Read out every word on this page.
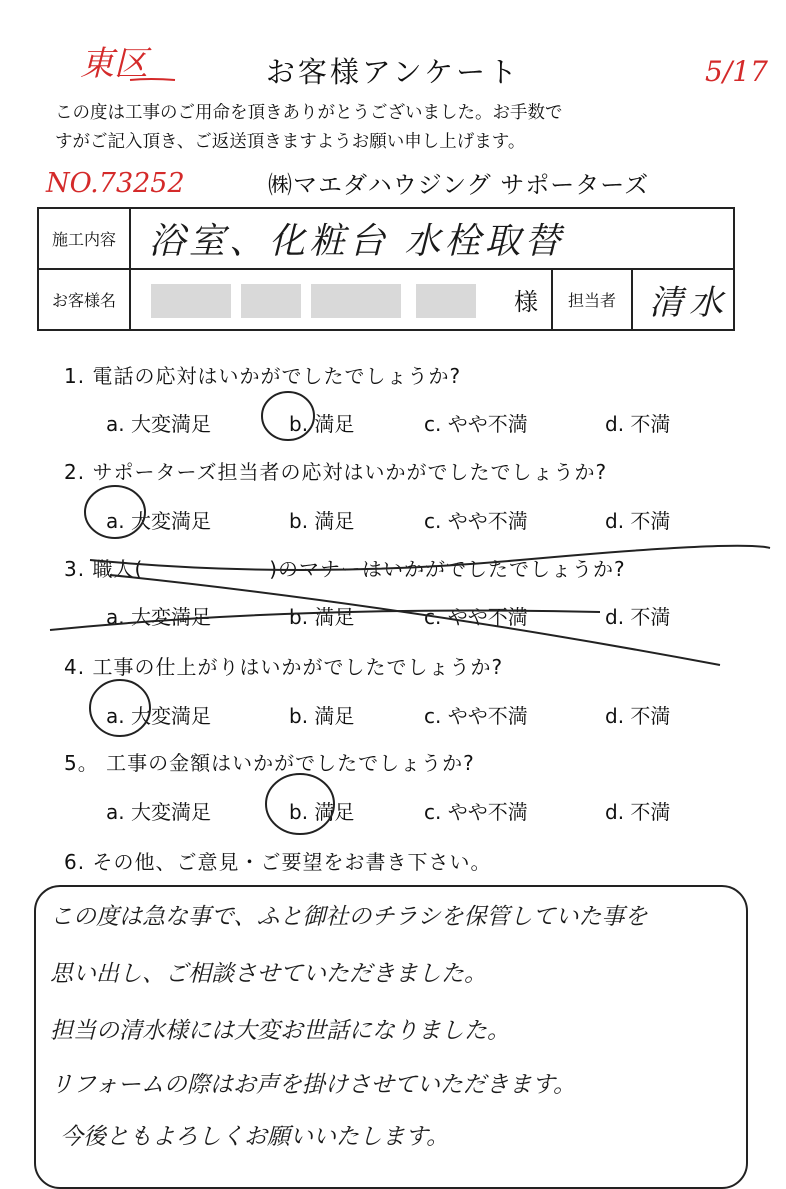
東区	お客様アンケート	5/17
この度は工事のご用命を頂きありがとうございました。お手数で
すがご記入頂き、ご返送頂きますようお願い申し上げます。
NO.73252	㈱マエダハウジング サポーターズ
施工内容	浴室、化粧台 水栓取替			
お客様名		様	担当者	清水
1. 電話の応対はいかがでしたでしょうか?
a. 大変満足	b. 満足	c. やや不満	d. 不満
2. サポーターズ担当者の応対はいかがでしたでしょうか?
a. 大変満足	b. 満足	c. やや不満	d. 不満
3. 職人(　　　　　　)のマナーはいかがでしたでしょうか?
a. 大変満足	b. 満足	c. やや不満	d. 不満
4. 工事の仕上がりはいかがでしたでしょうか?
a. 大変満足	b. 満足	c. やや不満	d. 不満
5。 工事の金額はいかがでしたでしょうか?
a. 大変満足	b. 満足	c. やや不満	d. 不満
6. その他、ご意見・ご要望をお書き下さい。
この度は急な事で、ふと御社のチラシを保管していた事を
思い出し、ご相談させていただきました。
担当の清水様には大変お世話になりました。
リフォームの際はお声を掛けさせていただきます。
今後ともよろしくお願いいたします。
